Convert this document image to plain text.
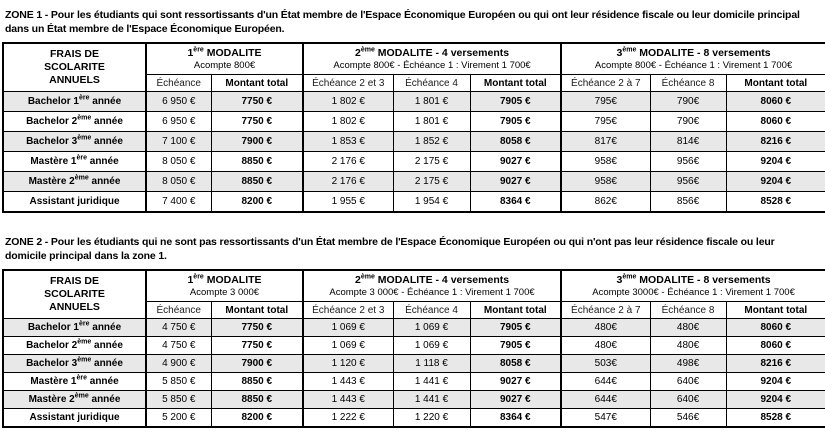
ZONE 1 - Pour les étudiants qui sont ressortissants d'un État membre de l'Espace Économique Européen ou qui ont leur résidence fiscale ou leur domicile principal dans un État membre de l'Espace Économique Européen.

FRAIS DE SCOLARITE ANNUELS	
1ère MODALITE
Acompte 800€

2ème MODALITE - 4 versements
Acompte 800€ - Échéance 1 : Virement 1 700€

3ème MODALITE - 8 versements
Acompte 800€ - Échéance 1 : Virement 1 700€

	Échéance	Montant total	Échéance 2 et 3	Échéance 4	Montant total	Échéance 2 à 7	Échéance 8	Montant total
Bachelor 1ère année	6 950 €	7750 €	1 802 €	1 801 €	7905 €	795€	790€	8060 €
Bachelor 2ème année	6 950 €	7750 €	1 802 €	1 801 €	7905 €	795€	790€	8060 €
Bachelor 3ème année	7 100 €	7900 €	1 853 €	1 852 €	8058 €	817€	814€	8216 €
Mastère 1ère année	8 050 €	8850 €	2 176 €	2 175 €	9027 €	958€	956€	9204 €
Mastère 2ème année	8 050 €	8850 €	2 176 €	2 175 €	9027 €	958€	956€	9204 €
Assistant juridique	7 400 €	8200 €	1 955 €	1 954 €	8364 €	862€	856€	8528 €

ZONE 2 - Pour les étudiants qui ne sont pas ressortissants d'un État membre de l'Espace Économique Européen ou qui n'ont pas leur résidence fiscale ou leur domicile principal dans la zone 1.

FRAIS DE SCOLARITE ANNUELS	
1ère MODALITE
Acompte 3 000€

2ème MODALITE - 4 versements
Acompte 3 000€ - Échéance 1 : Virement 1 700€

3ème MODALITE - 8 versements
Acompte 3000€ - Échéance 1 : Virement 1 700€

	Échéance	Montant total	Échéance 2 et 3	Échéance 4	Montant total	Échéance 2 à 7	Échéance 8	Montant total
Bachelor 1ère année	4 750 €	7750 €	1 069 €	1 069 €	7905 €	480€	480€	8060 €
Bachelor 2ème année	4 750 €	7750 €	1 069 €	1 069 €	7905 €	480€	480€	8060 €
Bachelor 3ème année	4 900 €	7900 €	1 120 €	1 118 €	8058 €	503€	498€	8216 €
Mastère 1ère année	5 850 €	8850 €	1 443 €	1 441 €	9027 €	644€	640€	9204 €
Mastère 2ème année	5 850 €	8850 €	1 443 €	1 441 €	9027 €	644€	640€	9204 €
Assistant juridique	5 200 €	8200 €	1 222 €	1 220 €	8364 €	547€	546€	8528 €
